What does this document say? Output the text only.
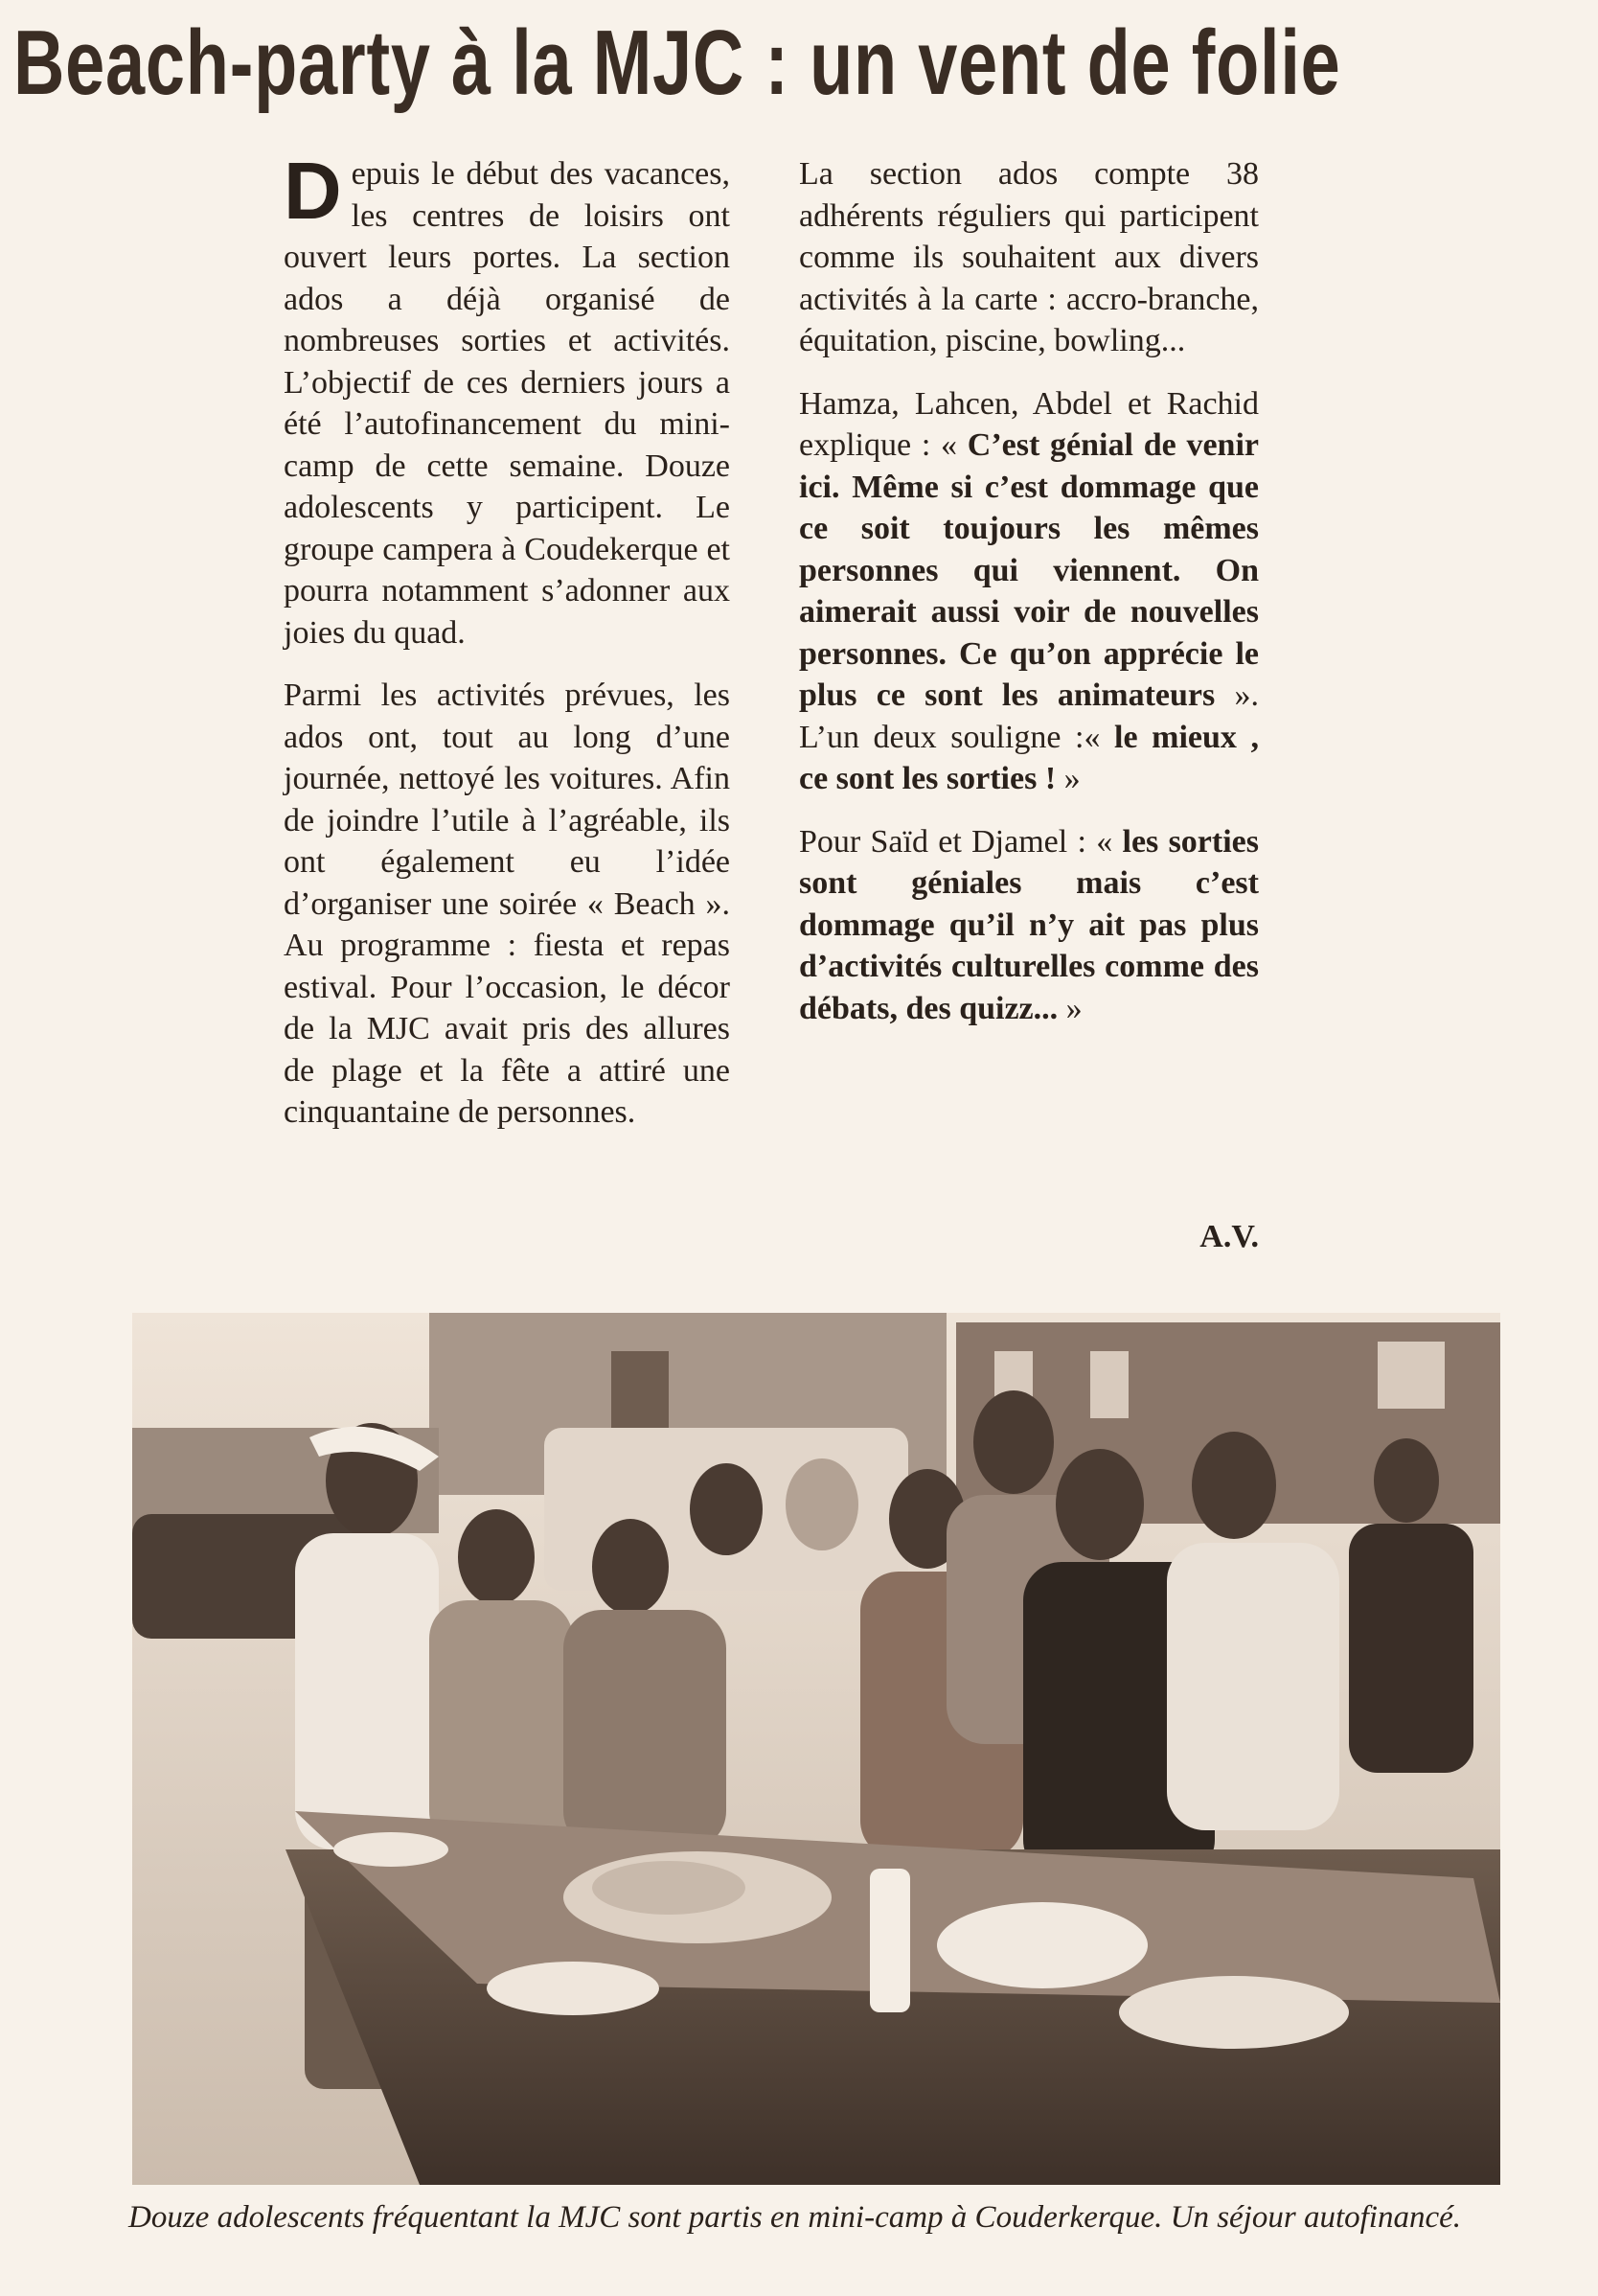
Beach-party à la MJC : un vent de folie

Depuis le début des vacances, les centres de loisirs ont ouvert leurs portes. La section ados a déjà organisé de nombreuses sorties et activités. L’objectif de ces derniers jours a été l’autofinancement du mini-camp de cette semaine. Douze adolescents y participent. Le groupe campera à Coudekerque et pourra notamment s’adonner aux joies du quad.

Parmi les activités prévues, les ados ont, tout au long d’une journée, nettoyé les voitures. Afin de joindre l’utile à l’agréable, ils ont également eu l’idée d’organiser une soirée « Beach ». Au programme : fiesta et repas estival. Pour l’occasion, le décor de la MJC avait pris des allures de plage et la fête a attiré une cinquantaine de personnes.

La section ados compte 38 adhérents réguliers qui participent comme ils souhaitent aux divers activités à la carte : accro-branche, équitation, piscine, bowling...

Hamza, Lahcen, Abdel et Rachid explique : « C’est génial de venir ici. Même si c’est dommage que ce soit toujours les mêmes personnes qui viennent. On aimerait aussi voir de nouvelles personnes. Ce qu’on apprécie le plus ce sont les animateurs ». L’un deux souligne :« le mieux , ce sont les sorties ! »

Pour Saïd et Djamel : « les sorties sont géniales mais c’est dommage qu’il n’y ait pas plus d’activités culturelles comme des débats, des quizz... »

A.V.

Douze adolescents fréquentant la MJC sont partis en mini-camp à Couderkerque. Un séjour autofinancé.
